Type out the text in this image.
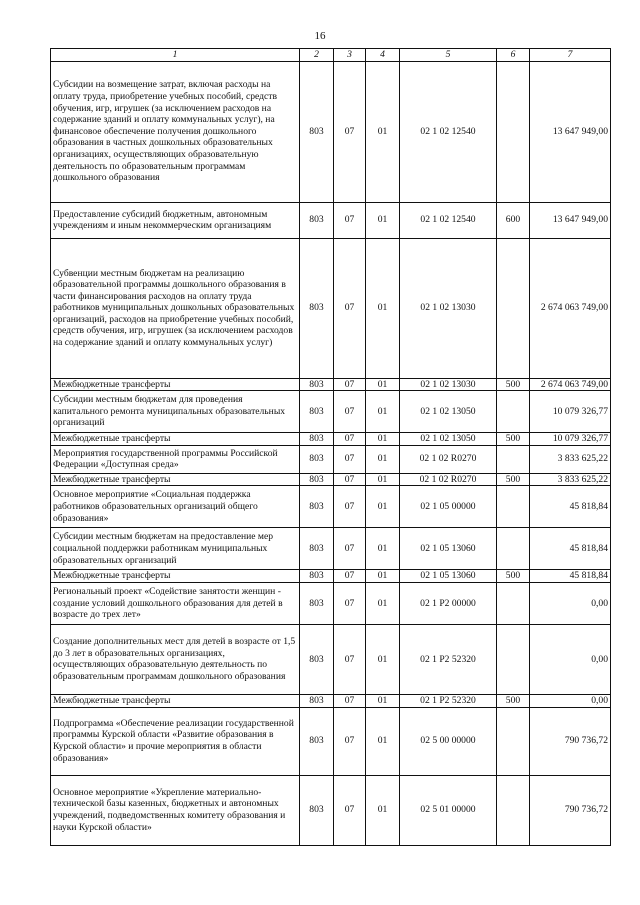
16
1	2	3	4	5	6	7
Субсидии на возмещение затрат, включая расходы на оплату труда, приобретение учебных пособий, средств обучения, игр, игрушек (за исключением расходов на содержание зданий и оплату коммунальных услуг), на финансовое обеспечение получения дошкольного образования в частных дошкольных образовательных организациях, осуществляющих образовательную деятельность по образовательным программам дошкольного образования	803	07	01	02 1 02 12540		13 647 949,00
Предоставление субсидий бюджетным, автономным учреждениям и иным некоммерческим организациям	803	07	01	02 1 02 12540	600	13 647 949,00
Субвенции местным бюджетам на реализацию образовательной программы дошкольного образования в части финансирования расходов на оплату труда работников муниципальных дошкольных образовательных организаций, расходов на приобретение учебных пособий, средств обучения, игр, игрушек (за исключением расходов на содержание зданий и оплату коммунальных услуг)	803	07	01	02 1 02 13030		2 674 063 749,00
Межбюджетные трансферты	803	07	01	02 1 02 13030	500	2 674 063 749,00
Субсидии местным бюджетам для проведения капитального ремонта муниципальных образовательных организаций	803	07	01	02 1 02 13050		10 079 326,77
Межбюджетные трансферты	803	07	01	02 1 02 13050	500	10 079 326,77
Мероприятия государственной программы Российской Федерации «Доступная среда»	803	07	01	02 1 02 R0270		3 833 625,22
Межбюджетные трансферты	803	07	01	02 1 02 R0270	500	3 833 625,22
Основное мероприятие «Социальная поддержка работников образовательных организаций общего образования»	803	07	01	02 1 05 00000		45 818,84
Субсидии местным бюджетам на предоставление мер социальной поддержки работникам муниципальных образовательных организаций	803	07	01	02 1 05 13060		45 818,84
Межбюджетные трансферты	803	07	01	02 1 05 13060	500	45 818,84
Региональный проект «Содействие занятости женщин - создание условий дошкольного образования для детей в возрасте до трех лет»	803	07	01	02 1 P2 00000		0,00
Создание дополнительных мест для детей в возрасте от 1,5 до 3 лет в образовательных организациях, осуществляющих образовательную деятельность по образовательным программам дошкольного образования	803	07	01	02 1 P2 52320		0,00
Межбюджетные трансферты	803	07	01	02 1 P2 52320	500	0,00
Подпрограмма «Обеспечение реализации государственной программы Курской области «Развитие образования в Курской области» и прочие мероприятия в области образования»	803	07	01	02 5 00 00000		790 736,72
Основное мероприятие «Укрепление материально-технической базы казенных, бюджетных и автономных учреждений, подведомственных комитету образования и науки Курской области»	803	07	01	02 5 01 00000		790 736,72
